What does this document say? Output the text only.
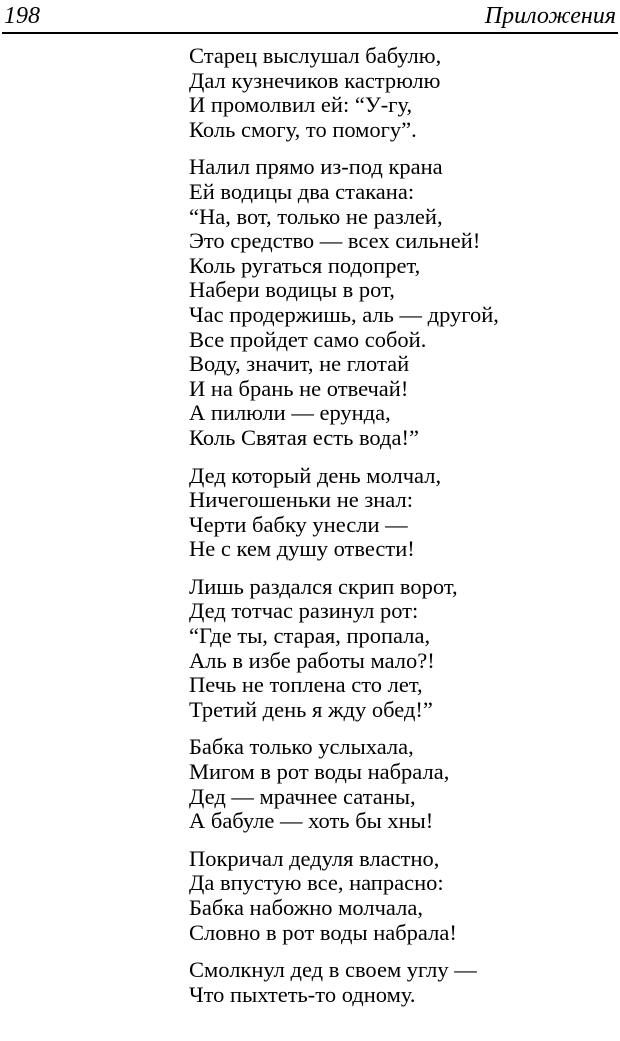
198	Приложения
Старец выслушал бабулю,
Дал кузнечиков кастрюлю
И промолвил ей: “У-гу,
Коль смогу, то помогу”.
Налил прямо из-под крана
Ей водицы два стакана:
“На, вот, только не разлей,
Это средство — всех сильней!
Коль ругаться подопрет,
Набери водицы в рот,
Час продержишь, аль — другой,
Все пройдет само собой.
Воду, значит, не глотай
И на брань не отвечай!
А пилюли — ерунда,
Коль Святая есть вода!”
Дед который день молчал,
Ничегошеньки не знал:
Черти бабку унесли —
Не с кем душу отвести!
Лишь раздался скрип ворот,
Дед тотчас разинул рот:
“Где ты, старая, пропала,
Аль в избе работы мало?!
Печь не топлена сто лет,
Третий день я жду обед!”
Бабка только услыхала,
Мигом в рот воды набрала,
Дед — мрачнее сатаны,
А бабуле — хоть бы хны!
Покричал дедуля властно,
Да впустую все, напрасно:
Бабка набожно молчала,
Словно в рот воды набрала!
Смолкнул дед в своем углу —
Что пыхтеть-то одному.
